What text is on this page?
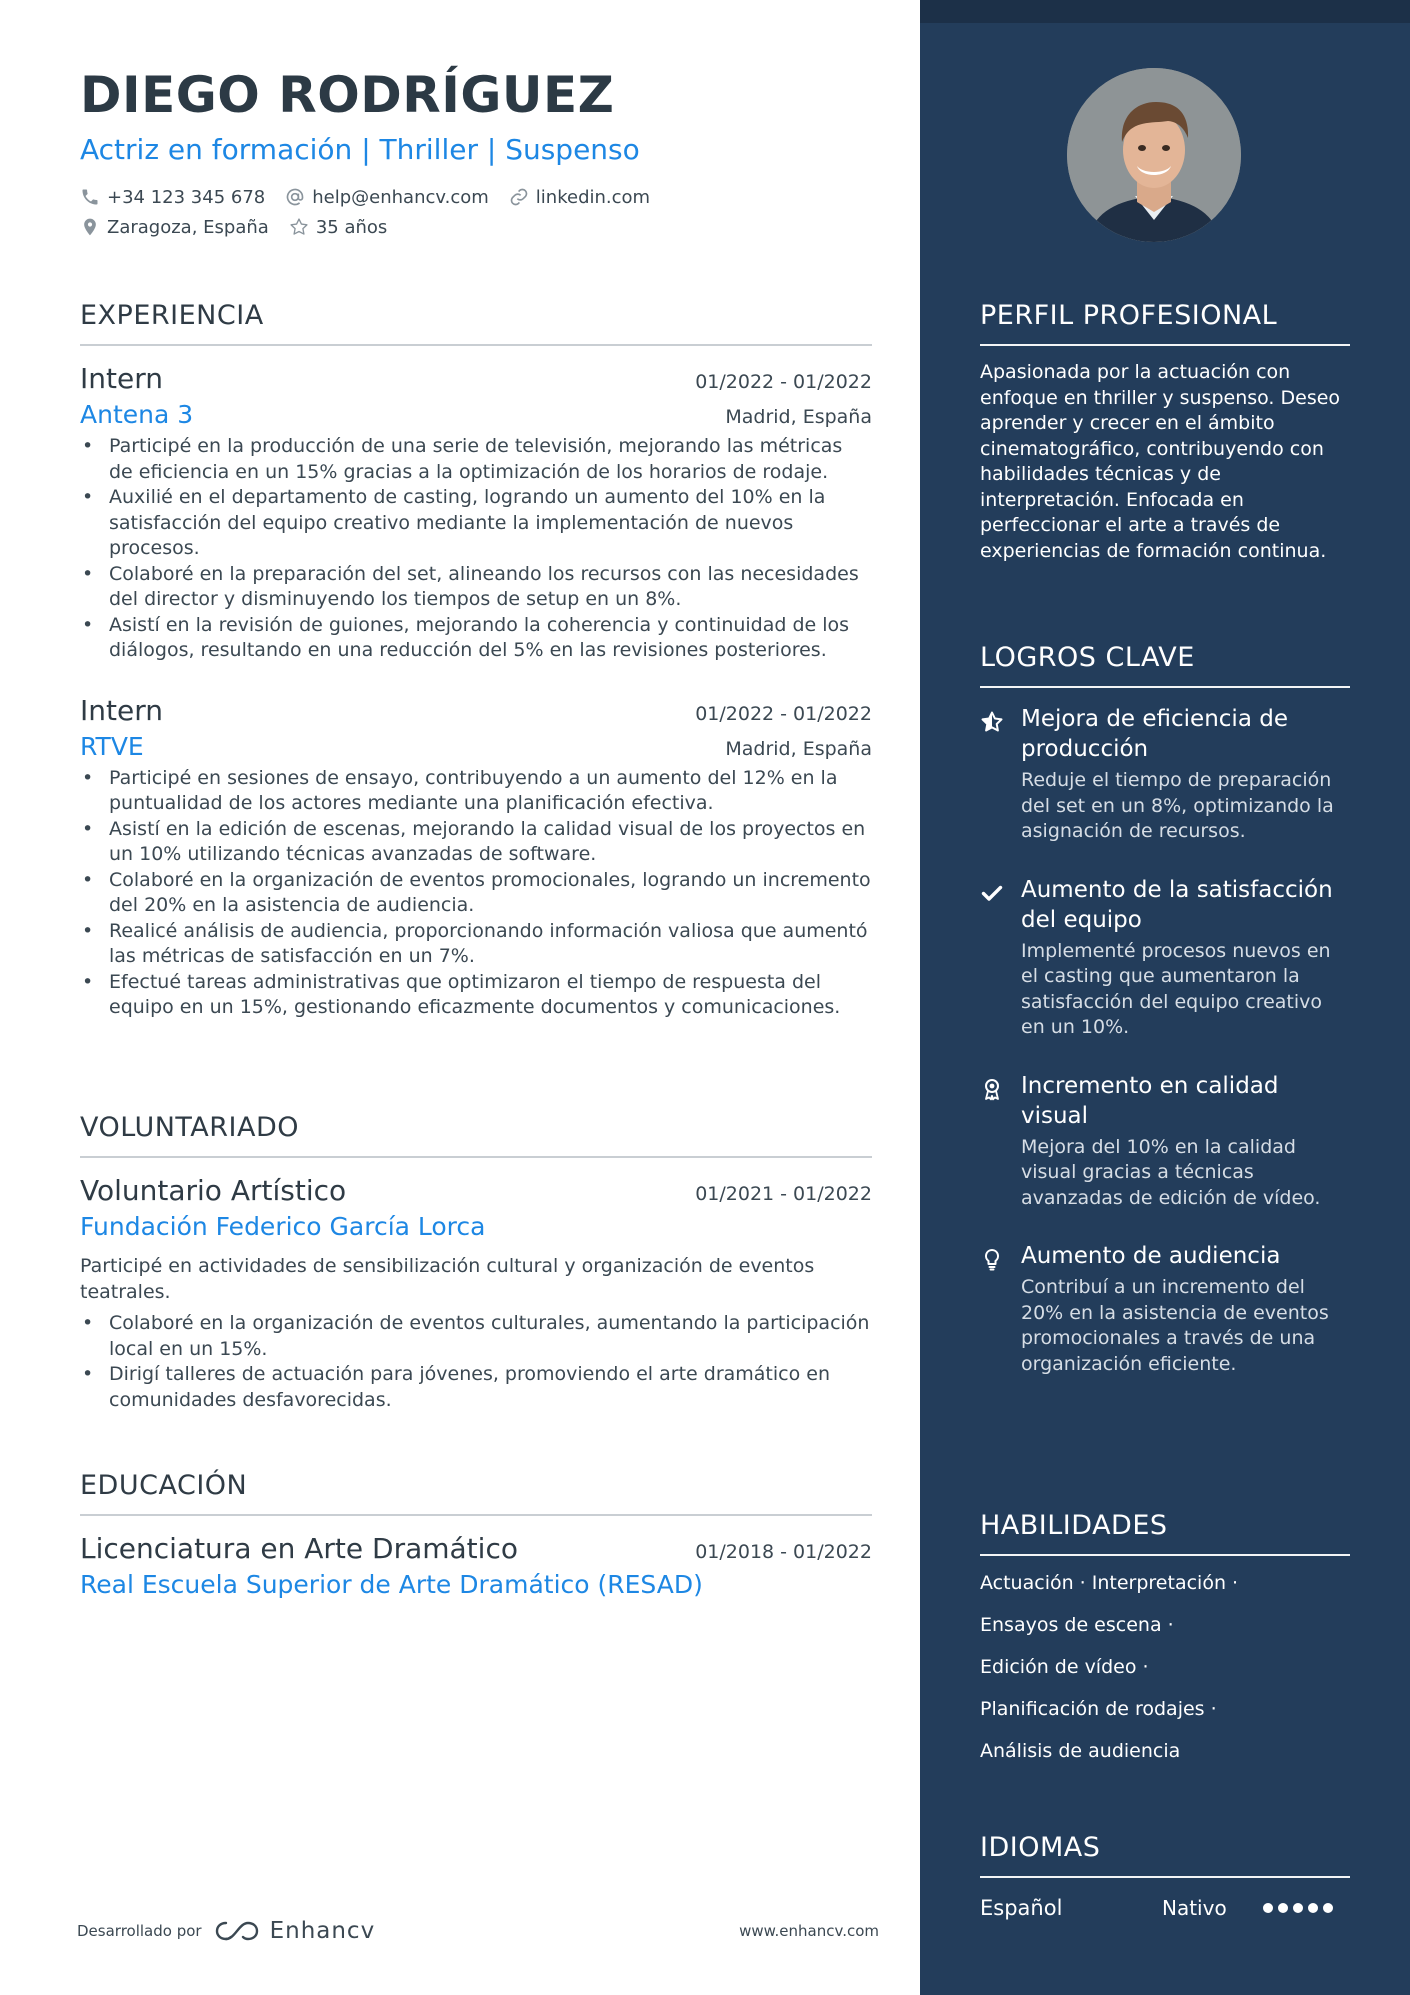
DIEGO RODRÍGUEZ
Actriz en formación | Thriller | Suspenso
+34 123 345 678	help@enhancv.com	linkedin.com
Zaragoza, España	35 años
EXPERIENCIA
Intern	01/2022 - 01/2022
Antena 3	Madrid, España
• Participé en la producción de una serie de televisión, mejorando las métricas de eficiencia en un 15% gracias a la optimización de los horarios de rodaje.
• Auxilié en el departamento de casting, logrando un aumento del 10% en la satisfacción del equipo creativo mediante la implementación de nuevos procesos.
• Colaboré en la preparación del set, alineando los recursos con las necesidades del director y disminuyendo los tiempos de setup en un 8%.
• Asistí en la revisión de guiones, mejorando la coherencia y continuidad de los diálogos, resultando en una reducción del 5% en las revisiones posteriores.
Intern	01/2022 - 01/2022
RTVE	Madrid, España
• Participé en sesiones de ensayo, contribuyendo a un aumento del 12% en la puntualidad de los actores mediante una planificación efectiva.
• Asistí en la edición de escenas, mejorando la calidad visual de los proyectos en un 10% utilizando técnicas avanzadas de software.
• Colaboré en la organización de eventos promocionales, logrando un incremento del 20% en la asistencia de audiencia.
• Realicé análisis de audiencia, proporcionando información valiosa que aumentó las métricas de satisfacción en un 7%.
• Efectué tareas administrativas que optimizaron el tiempo de respuesta del equipo en un 15%, gestionando eficazmente documentos y comunicaciones.
VOLUNTARIADO
Voluntario Artístico	01/2021 - 01/2022
Fundación Federico García Lorca
Participé en actividades de sensibilización cultural y organización de eventos teatrales.
• Colaboré en la organización de eventos culturales, aumentando la participación local en un 15%.
• Dirigí talleres de actuación para jóvenes, promoviendo el arte dramático en comunidades desfavorecidas.
EDUCACIÓN
Licenciatura en Arte Dramático	01/2018 - 01/2022
Real Escuela Superior de Arte Dramático (RESAD)
Desarrollado por	Enhancv	www.enhancv.com
PERFIL PROFESIONAL
Apasionada por la actuación con enfoque en thriller y suspenso. Deseo aprender y crecer en el ámbito cinematográfico, contribuyendo con habilidades técnicas y de interpretación. Enfocada en perfeccionar el arte a través de experiencias de formación continua.
LOGROS CLAVE
Mejora de eficiencia de producción
Reduje el tiempo de preparación del set en un 8%, optimizando la asignación de recursos.
Aumento de la satisfacción del equipo
Implementé procesos nuevos en el casting que aumentaron la satisfacción del equipo creativo en un 10%.
Incremento en calidad visual
Mejora del 10% en la calidad visual gracias a técnicas avanzadas de edición de vídeo.
Aumento de audiencia
Contribuí a un incremento del 20% en la asistencia de eventos promocionales a través de una organización eficiente.
HABILIDADES
Actuación · Interpretación ·
Ensayos de escena ·
Edición de vídeo ·
Planificación de rodajes ·
Análisis de audiencia
IDIOMAS
Español	Nativo
